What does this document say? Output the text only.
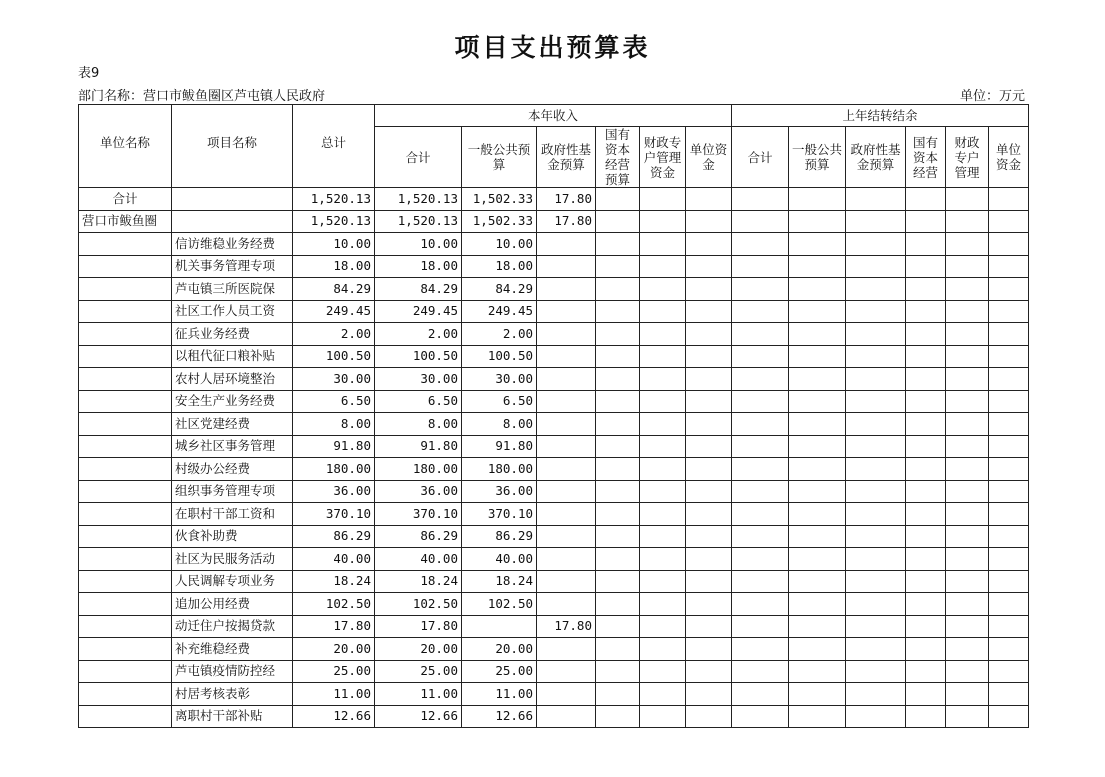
项目支出预算表
表9
部门名称：营口市鲅鱼圈区芦屯镇人民政府	单位：万元
单位名称	项目名称	总计	本年收入						上年结转结余					
			合计	一般公共预算	政府性基金预算	国有资本经营预算	财政专户管理资金	单位资金	合计	一般公共预算	政府性基金预算	国有资本经营	财政专户管理	单位资金
合计		1,520.13	1,520.13	1,502.33	17.80									
营口市鲅鱼圈		1,520.13	1,520.13	1,502.33	17.80									
	信访维稳业务经费	10.00	10.00	10.00										
	机关事务管理专项	18.00	18.00	18.00										
	芦屯镇三所医院保	84.29	84.29	84.29										
	社区工作人员工资	249.45	249.45	249.45										
	征兵业务经费	2.00	2.00	2.00										
	以租代征口粮补贴	100.50	100.50	100.50										
	农村人居环境整治	30.00	30.00	30.00										
	安全生产业务经费	6.50	6.50	6.50										
	社区党建经费	8.00	8.00	8.00										
	城乡社区事务管理	91.80	91.80	91.80										
	村级办公经费	180.00	180.00	180.00										
	组织事务管理专项	36.00	36.00	36.00										
	在职村干部工资和	370.10	370.10	370.10										
	伙食补助费	86.29	86.29	86.29										
	社区为民服务活动	40.00	40.00	40.00										
	人民调解专项业务	18.24	18.24	18.24										
	追加公用经费	102.50	102.50	102.50										
	动迁住户按揭贷款	17.80	17.80		17.80									
	补充维稳经费	20.00	20.00	20.00										
	芦屯镇疫情防控经	25.00	25.00	25.00										
	村居考核表彰	11.00	11.00	11.00										
	离职村干部补贴	12.66	12.66	12.66										
